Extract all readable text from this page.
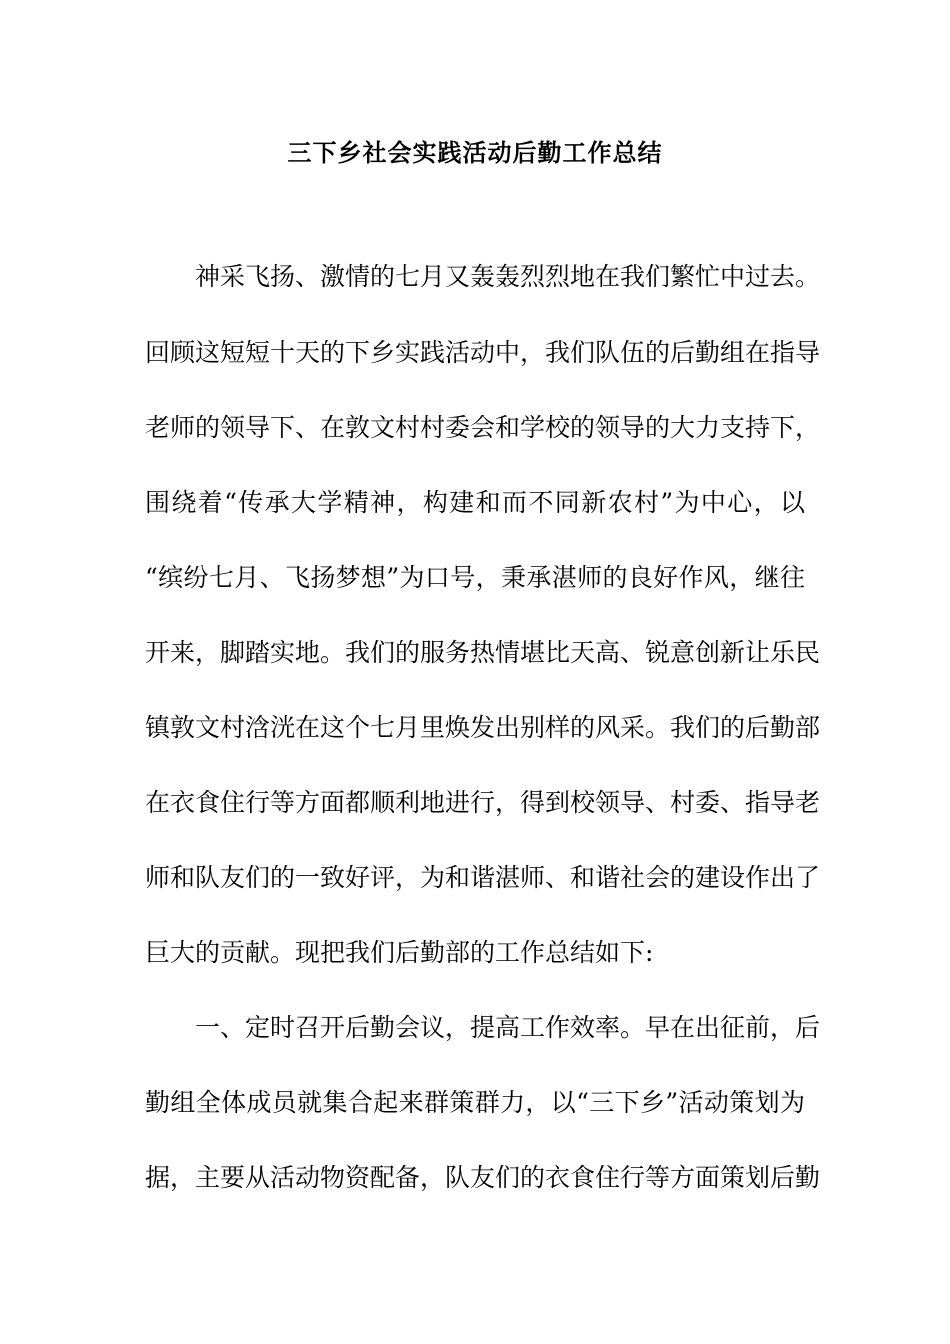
三下乡社会实践活动后勤工作总结
神采飞扬、激情的七月又轰轰烈烈地在我们繁忙中过去。
回顾这短短十天的下乡实践活动中，我们队伍的后勤组在指导
老师的领导下、在敦文村村委会和学校的领导的大力支持下，
围绕着“传承大学精神，构建和而不同新农村”为中心，以
“缤纷七月、飞扬梦想”为口号，秉承湛师的良好作风，继往
开来，脚踏实地。我们的服务热情堪比天高、锐意创新让乐民
镇敦文村浛洸在这个七月里焕发出别样的风采。我们的后勤部
在衣食住行等方面都顺利地进行，得到校领导、村委、指导老
师和队友们的一致好评，为和谐湛师、和谐社会的建设作出了
巨大的贡献。现把我们后勤部的工作总结如下:
一、定时召开后勤会议，提高工作效率。早在出征前，后
勤组全体成员就集合起来群策群力，以“三下乡”活动策划为
据，主要从活动物资配备，队友们的衣食住行等方面策划后勤
